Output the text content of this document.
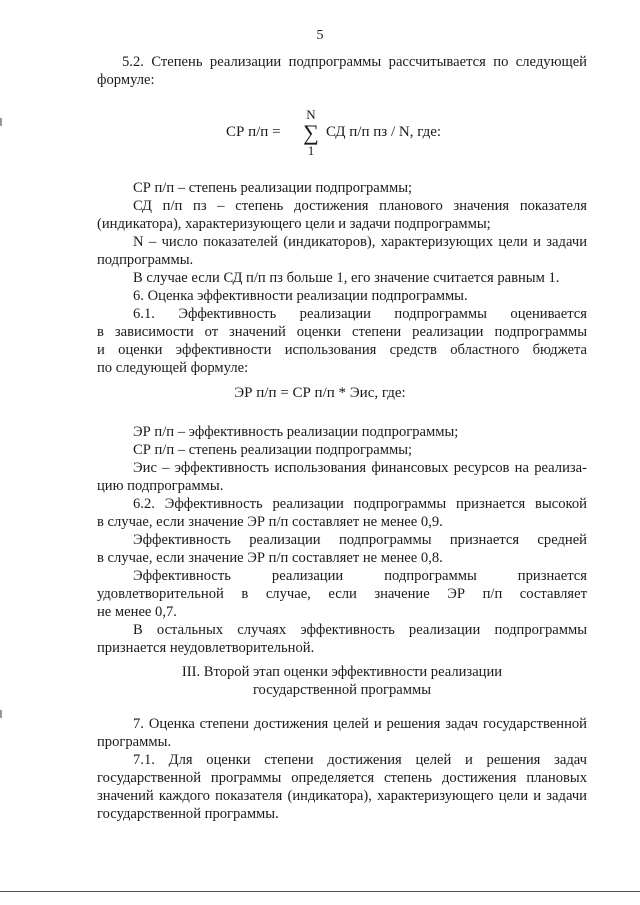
5
5.2. Степень реализации подпрограммы рассчитывается по следующей
формуле:
СР п/п =	СД п/п пз / N, где:
N
∑
1
СР п/п – степень реализации подпрограммы;
СД п/п пз – степень достижения планового значения показателя
(индикатора), характеризующего цели и задачи подпрограммы;
N – число показателей (индикаторов), характеризующих цели и задачи
подпрограммы.
В случае если СД п/п пз больше 1, его значение считается равным 1.
6. Оценка эффективности реализации подпрограммы.
6.1. Эффективность реализации подпрограммы оценивается
в зависимости от значений оценки степени реализации подпрограммы
и оценки эффективности использования средств областного бюджета
по следующей формуле:
ЭР п/п = СР п/п * Эис, где:
ЭР п/п – эффективность реализации подпрограммы;
СР п/п – степень реализации подпрограммы;
Эис – эффективность использования финансовых ресурсов на реализа-
цию подпрограммы.
6.2. Эффективность реализации подпрограммы признается высокой
в случае, если значение ЭР п/п составляет не менее 0,9.
Эффективность реализации подпрограммы признается средней
в случае, если значение ЭР п/п составляет не менее 0,8.
Эффективность реализации подпрограммы признается
удовлетворительной в случае, если значение ЭР п/п составляет
не менее 0,7.
В остальных случаях эффективность реализации подпрограммы
признается неудовлетворительной.
III. Второй этап оценки эффективности реализации
государственной программы
7. Оценка степени достижения целей и решения задач государственной
программы.
7.1. Для оценки степени достижения целей и решения задач
государственной программы определяется степень достижения плановых
значений каждого показателя (индикатора), характеризующего цели и задачи
государственной программы.
